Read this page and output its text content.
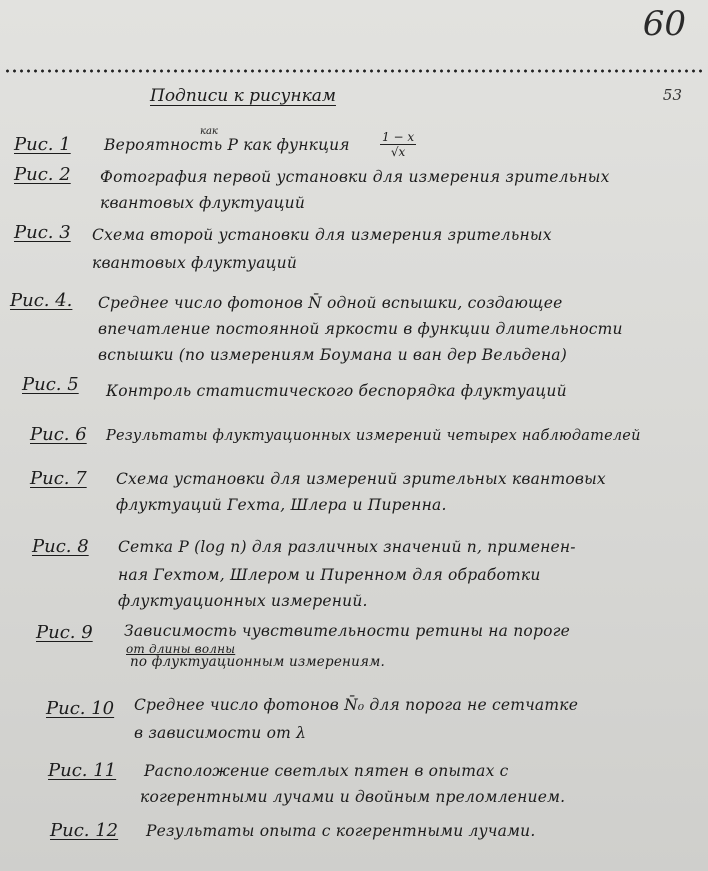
60
53
Подписи к рисункам
Рис. 1 Вероятность P как функция
как	$\frac{1 - x}{√x}$
Рис. 2 Фотография первой установки для измерения зрительных
квантовых флуктуаций
Рис. 3 Схема второй установки для измерения зрительных
квантовых флуктуаций
Рис. 4. Среднее число фотонов N̄ одной вспышки, создающее
впечатление постоянной яркости в функции длительности
вспышки (по измерениям Боуманa и ван дер Вельдена)
Рис. 5 Контроль статистического беспорядка флуктуаций
Рис. 6 Результаты флуктуационных измерений четырех наблюдателей
Рис. 7 Схема установки для измерений зрительных квантовых
флуктуаций Гехта, Шлера и Пиренна.
Рис. 8 Сетка P (log n) для различных значений n, применен-
ная Гехтом, Шлером и Пиренном для обработки
флуктуационных измерений.
Рис. 9 Зависимость чувствительности ретины на пороге
от длины волны
по флуктуационным измерениям.
Рис. 10 Среднее число фотонов N̄₀ для порога не сетчатке
в зависимости от λ
Рис. 11 Расположение светлых пятен в опытах с
когерентными лучами и двойным преломлением.
Рис. 12 Результаты опыта с когерентными лучами.
